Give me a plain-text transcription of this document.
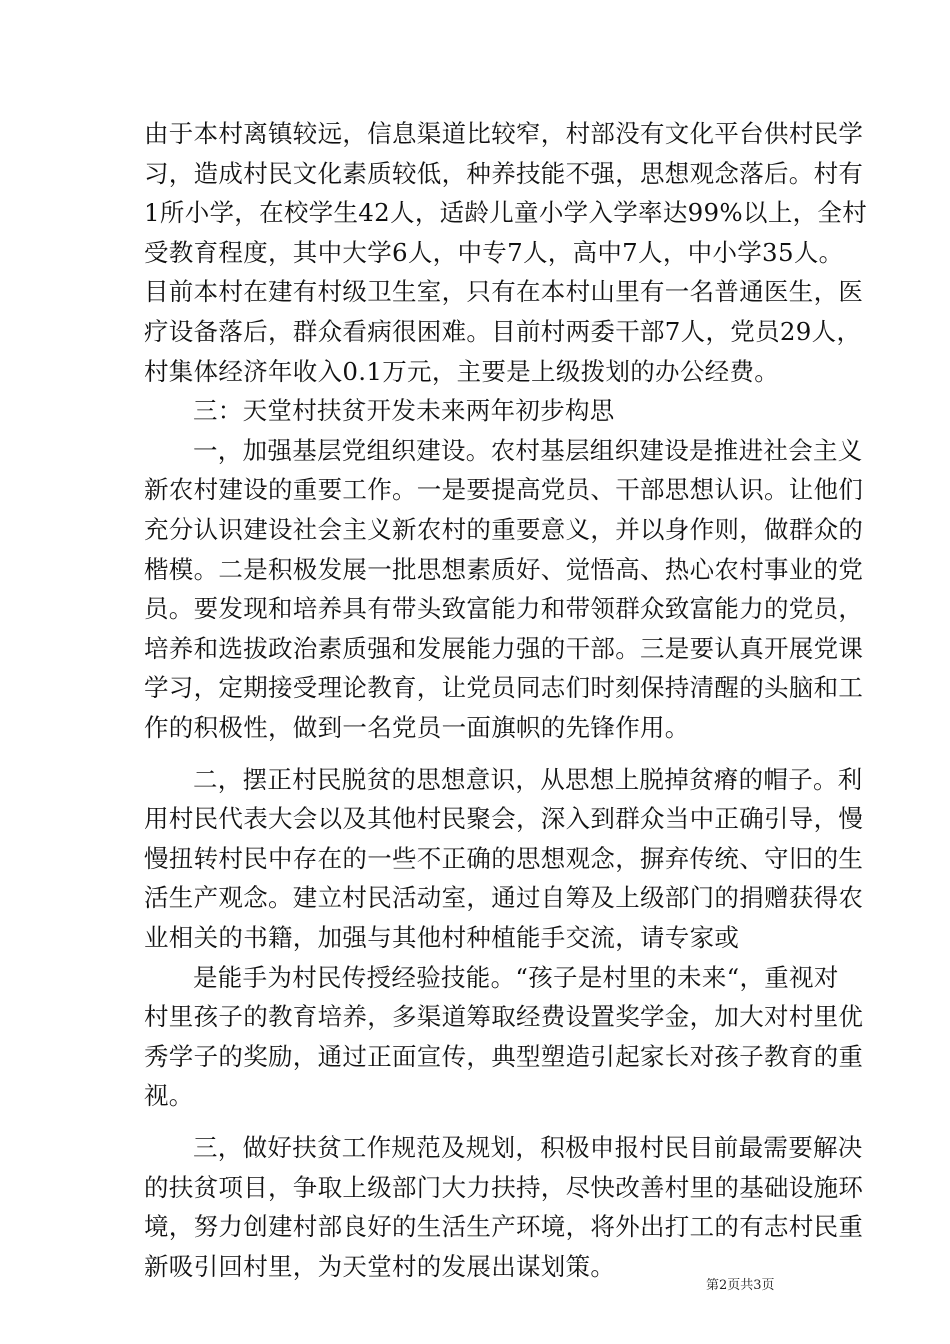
由于本村离镇较远，信息渠道比较窄，村部没有文化平台供村民学
习，造成村民文化素质较低，种养技能不强，思想观念落后。村有
1所小学，在校学生42人，适龄儿童小学入学率达99%以上，全村
受教育程度，其中大学6人，中专7人，高中7人，中小学35人。
目前本村在建有村级卫生室，只有在本村山里有一名普通医生，医
疗设备落后，群众看病很困难。目前村两委干部7人，党员29人，
村集体经济年收入0.1万元，主要是上级拨划的办公经费。
三：天堂村扶贫开发未来两年初步构思
一，加强基层党组织建设。农村基层组织建设是推进社会主义
新农村建设的重要工作。一是要提高党员、干部思想认识。让他们
充分认识建设社会主义新农村的重要意义，并以身作则，做群众的
楷模。二是积极发展一批思想素质好、觉悟高、热心农村事业的党
员。要发现和培养具有带头致富能力和带领群众致富能力的党员，
培养和选拔政治素质强和发展能力强的干部。三是要认真开展党课
学习，定期接受理论教育，让党员同志们时刻保持清醒的头脑和工
作的积极性，做到一名党员一面旗帜的先锋作用。
二，摆正村民脱贫的思想意识，从思想上脱掉贫瘠的帽子。利
用村民代表大会以及其他村民聚会，深入到群众当中正确引导，慢
慢扭转村民中存在的一些不正确的思想观念，摒弃传统、守旧的生
活生产观念。建立村民活动室，通过自筹及上级部门的捐赠获得农
业相关的书籍，加强与其他村种植能手交流，请专家或
是能手为村民传授经验技能。“孩子是村里的未来“，重视对
村里孩子的教育培养，多渠道筹取经费设置奖学金，加大对村里优
秀学子的奖励，通过正面宣传，典型塑造引起家长对孩子教育的重
视。
三，做好扶贫工作规范及规划，积极申报村民目前最需要解决
的扶贫项目，争取上级部门大力扶持，尽快改善村里的基础设施环
境，努力创建村部良好的生活生产环境，将外出打工的有志村民重
新吸引回村里，为天堂村的发展出谋划策。
第2页共3页
